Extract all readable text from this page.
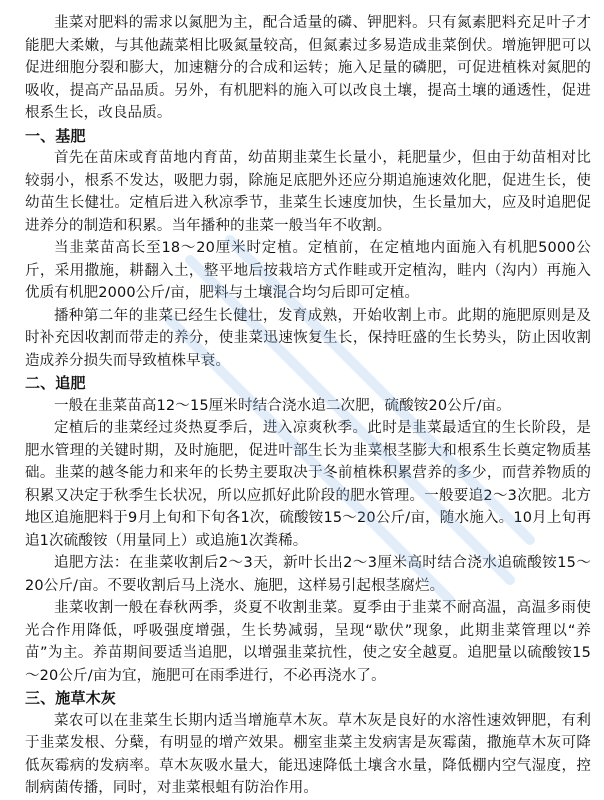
韭菜对肥料的需求以氮肥为主，配合适量的磷、钾肥料。只有氮素肥料充足叶子才能肥大柔嫩，与其他蔬菜相比吸氮量较高，但氮素过多易造成韭菜倒伏。增施钾肥可以促进细胞分裂和膨大，加速糖分的合成和运转；施入足量的磷肥，可促进植株对氮肥的吸收，提高产品品质。另外，有机肥料的施入可以改良土壤，提高土壤的通透性，促进根系生长，改良品质。

一、基肥

首先在苗床或育苗地内育苗，幼苗期韭菜生长量小，耗肥量少，但由于幼苗相对比较弱小，根系不发达，吸肥力弱，除施足底肥外还应分期追施速效化肥，促进生长，使幼苗生长健壮。定植后进入秋凉季节，韭菜生长速度加快，生长量加大，应及时追肥促进养分的制造和积累。当年播种的韭菜一般当年不收割。

当韭菜苗高长至18～20厘米时定植。定植前，在定植地内面施入有机肥5000公斤，采用撒施，耕翻入土，整平地后按栽培方式作畦或开定植沟，畦内（沟内）再施入优质有机肥2000公斤/亩，肥料与土壤混合均匀后即可定植。

播种第二年的韭菜已经生长健壮，发育成熟，开始收割上市。此期的施肥原则是及时补充因收割而带走的养分，使韭菜迅速恢复生长，保持旺盛的生长势头，防止因收割造成养分损失而导致植株早衰。

二、追肥

一般在韭菜苗高12～15厘米时结合浇水追二次肥，硫酸铵20公斤/亩。

定植后的韭菜经过炎热夏季后，进入凉爽秋季。此时是韭菜最适宜的生长阶段，是肥水管理的关键时期，及时施肥，促进叶部生长为韭菜根茎膨大和根系生长奠定物质基础。韭菜的越冬能力和来年的长势主要取决于冬前植株积累营养的多少，而营养物质的积累又决定于秋季生长状况，所以应抓好此阶段的肥水管理。一般要追2～3次肥。北方地区追施肥料于9月上旬和下旬各1次，硫酸铵15～20公斤/亩，随水施入。10月上旬再追1次硫酸铵（用量同上）或追施1次粪稀。

追肥方法：在韭菜收割后2～3天，新叶长出2～3厘米高时结合浇水追硫酸铵15～20公斤/亩。不要收割后马上浇水、施肥，这样易引起根茎腐烂。

韭菜收割一般在春秋两季，炎夏不收割韭菜。夏季由于韭菜不耐高温，高温多雨使光合作用降低，呼吸强度增强，生长势减弱，呈现“歇伏”现象，此期韭菜管理以“养苗”为主。养苗期间要适当追肥，以增强韭菜抗性，使之安全越夏。追肥量以硫酸铵15～20公斤/亩为宜，施肥可在雨季进行，不必再浇水了。

三、施草木灰

菜农可以在韭菜生长期内适当增施草木灰。草木灰是良好的水溶性速效钾肥，有利于韭菜发根、分蘖，有明显的增产效果。棚室韭菜主发病害是灰霉菌，撒施草木灰可降低灰霉病的发病率。草木灰吸水量大，能迅速降低土壤含水量，降低棚内空气湿度，控制病菌传播，同时，对韭菜根蛆有防治作用。
